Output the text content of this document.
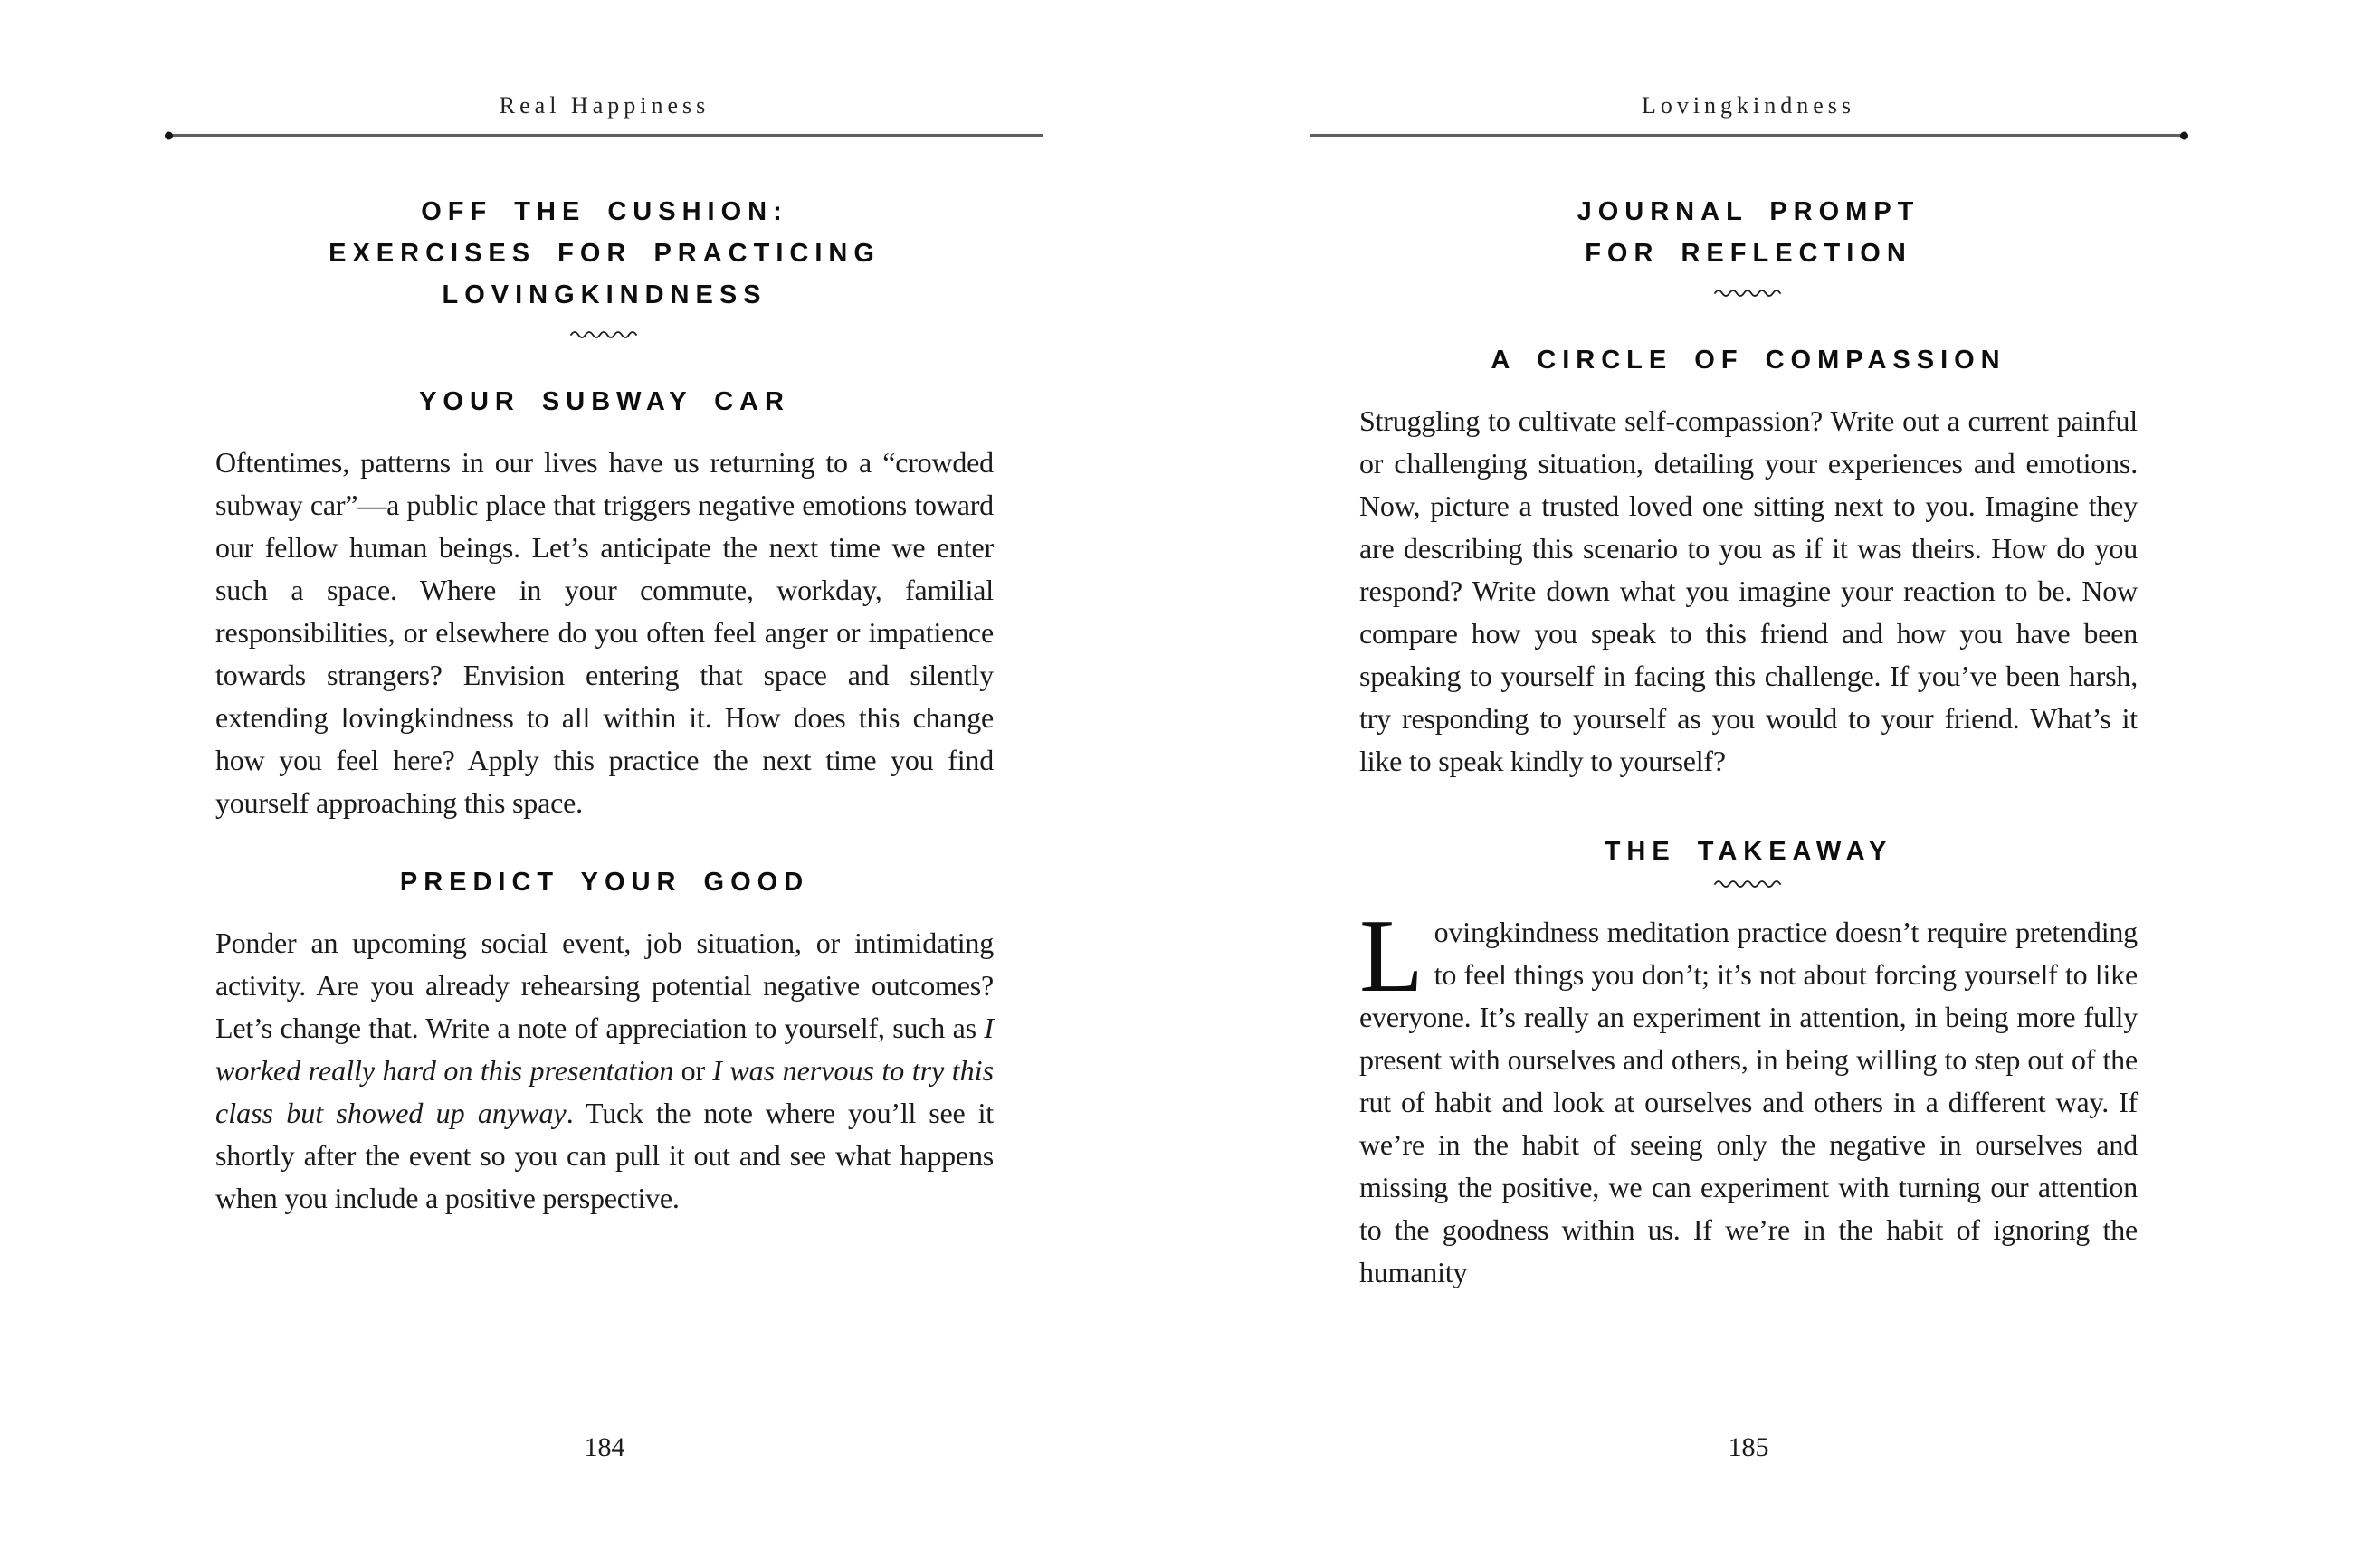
Real Happiness
OFF THE CUSHION:
EXERCISES FOR PRACTICING
LOVINGKINDNESS
YOUR SUBWAY CAR

Oftentimes, patterns in our lives have us returning to a “crowded subway car”—a public place that triggers negative emotions toward our fellow human beings. Let’s anticipate the next time we enter such a space. Where in your commute, workday, familial responsibilities, or elsewhere do you often feel anger or impatience towards strangers? Envision entering that space and silently extending lovingkindness to all within it. How does this change how you feel here? Apply this practice the next time you find yourself approaching this space.

PREDICT YOUR GOOD

Ponder an upcoming social event, job situation, or intimidating activity. Are you already rehearsing potential negative outcomes? Let’s change that. Write a note of appreciation to yourself, such as I worked really hard on this presentation or I was nervous to try this class but showed up anyway. Tuck the note where you’ll see it shortly after the event so you can pull it out and see what happens when you include a positive perspective.

184
Lovingkindness
JOURNAL PROMPT
FOR REFLECTION
A CIRCLE OF COMPASSION

Struggling to cultivate self-compassion? Write out a current painful or challenging situation, detailing your experiences and emotions. Now, picture a trusted loved one sitting next to you. Imagine they are describing this scenario to you as if it was theirs. How do you respond? Write down what you imagine your reaction to be. Now compare how you speak to this friend and how you have been speaking to yourself in facing this challenge. If you’ve been harsh, try responding to yourself as you would to your friend. What’s it like to speak kindly to yourself?

THE TAKEAWAY

Lovingkindness meditation practice doesn’t require pretending to feel things you don’t; it’s not about forcing yourself to like everyone. It’s really an experiment in attention, in being more fully present with ourselves and others, in being willing to step out of the rut of habit and look at ourselves and others in a different way. If we’re in the habit of seeing only the negative in ourselves and missing the positive, we can experiment with turning our attention to the goodness within us. If we’re in the habit of ignoring the humanity

185
